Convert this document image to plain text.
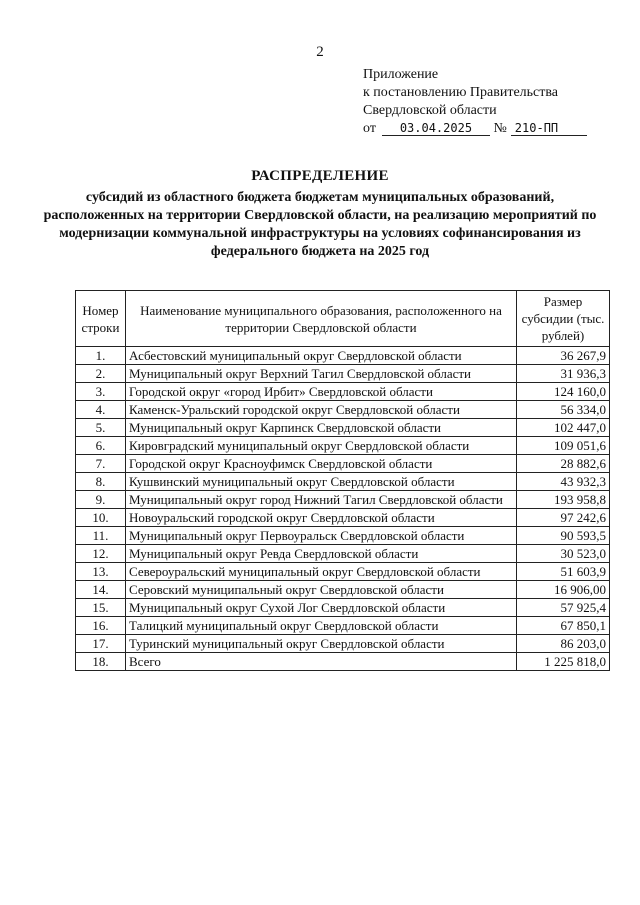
2
Приложение
к постановлению Правительства
Свердловской области
от 03.04.2025 № 210-ПП
РАСПРЕДЕЛЕНИЕ
субсидий из областного бюджета бюджетам муниципальных образований, расположенных на территории Свердловской области, на реализацию мероприятий по модернизации коммунальной инфраструктуры на условиях софинансирования из федерального бюджета на 2025 год
Номер строки	Наименование муниципального образования, расположенного на территории Свердловской области	Размер субсидии (тыс. рублей)
1.	Асбестовский муниципальный округ Свердловской области	36 267,9
2.	Муниципальный округ Верхний Тагил Свердловской области	31 936,3
3.	Городской округ «город Ирбит» Свердловской области	124 160,0
4.	Каменск-Уральский городской округ Свердловской области	56 334,0
5.	Муниципальный округ Карпинск Свердловской области	102 447,0
6.	Кировградский муниципальный округ Свердловской области	109 051,6
7.	Городской округ Красноуфимск Свердловской области	28 882,6
8.	Кушвинский муниципальный округ Свердловской области	43 932,3
9.	Муниципальный округ город Нижний Тагил Свердловской области	193 958,8
10.	Новоуральский городской округ Свердловской области	97 242,6
11.	Муниципальный округ Первоуральск Свердловской области	90 593,5
12.	Муниципальный округ Ревда Свердловской области	30 523,0
13.	Североуральский муниципальный округ Свердловской области	51 603,9
14.	Серовский муниципальный округ Свердловской области	16 906,00
15.	Муниципальный округ Сухой Лог Свердловской области	57 925,4
16.	Талицкий муниципальный округ Свердловской области	67 850,1
17.	Туринский муниципальный округ Свердловской области	86 203,0
18.	Всего	1 225 818,0
